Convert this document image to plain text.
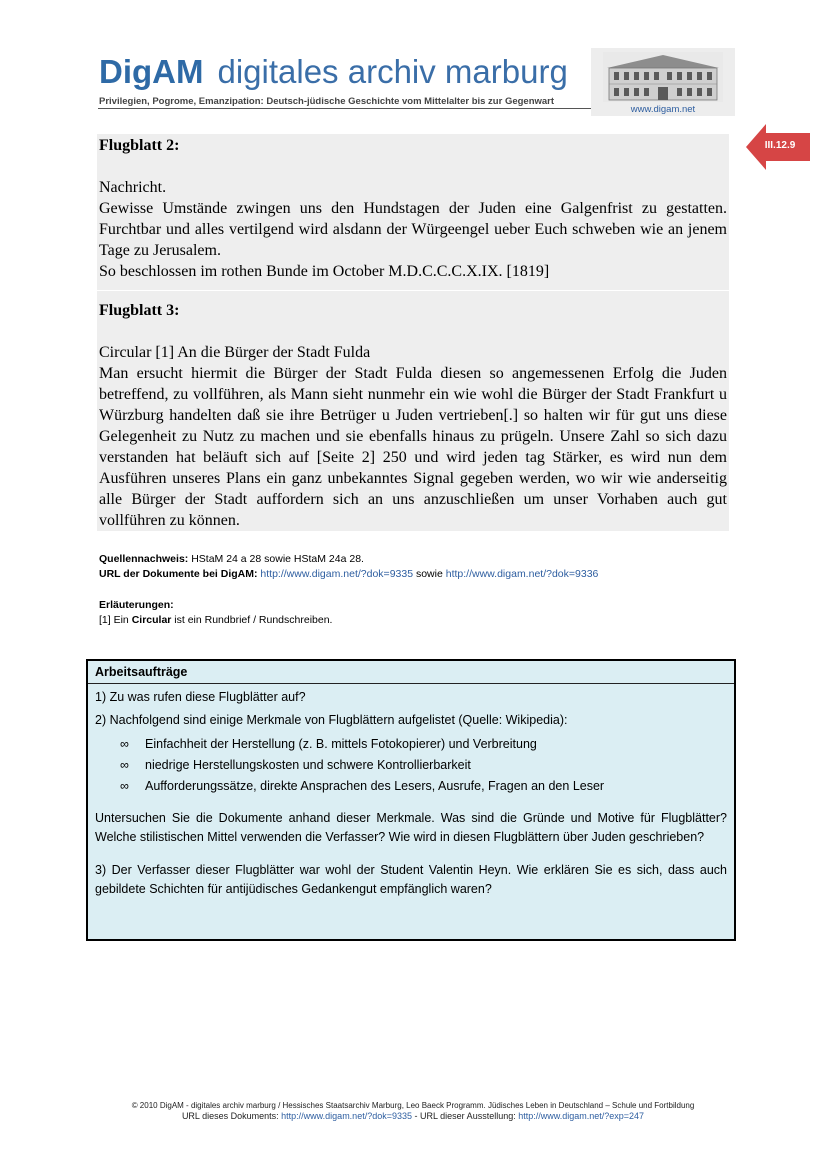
DigAM digitales archiv marburg
Privilegien, Pogrome, Emanzipation: Deutsch-jüdische Geschichte vom Mittelalter bis zur Gegenwart
www.digam.net
III.12.9
Flugblatt 2:
Nachricht.
Gewisse Umstände zwingen uns den Hundstagen der Juden eine Galgenfrist zu gestatten. Furchtbar und alles vertilgend wird alsdann der Würgeengel ueber Euch schweben wie an jenem Tage zu Jerusalem.
So beschlossen im rothen Bunde im October M.D.C.C.C.X.IX. [1819]
Flugblatt 3:
Circular [1] An die Bürger der Stadt Fulda
Man ersucht hiermit die Bürger der Stadt Fulda diesen so angemessenen Erfolg die Juden betreffend, zu vollführen, als Mann sieht nunmehr ein wie wohl die Bürger der Stadt Frankfurt u Würzburg handelten daß sie ihre Betrüger u Juden vertrieben[.] so halten wir für gut uns diese Gelegenheit zu Nutz zu machen und sie ebenfalls hinaus zu prügeln. Unsere Zahl so sich dazu verstanden hat beläuft sich auf [Seite 2] 250 und wird jeden tag Stärker, es wird nun dem Ausführen unseres Plans ein ganz unbekanntes Signal gegeben werden, wo wir wie anderseitig alle Bürger der Stadt auffordern sich an uns anzuschließen um unser Vorhaben auch gut vollführen zu können.
Quellennachweis: HStaM 24 a 28 sowie HStaM 24a 28.
URL der Dokumente bei DigAM: http://www.digam.net/?dok=9335 sowie http://www.digam.net/?dok=9336
Erläuterungen:
[1] Ein Circular ist ein Rundbrief / Rundschreiben.
Arbeitsaufträge

1) Zu was rufen diese Flugblätter auf?

2) Nachfolgend sind einige Merkmale von Flugblättern aufgelistet (Quelle: Wikipedia):

∞ Einfachheit der Herstellung (z. B. mittels Fotokopierer) und Verbreitung
∞ niedrige Herstellungskosten und schwere Kontrollierbarkeit
∞ Aufforderungssätze, direkte Ansprachen des Lesers, Ausrufe, Fragen an den Leser

Untersuchen Sie die Dokumente anhand dieser Merkmale. Was sind die Gründe und Motive für Flugblätter? Welche stilistischen Mittel verwenden die Verfasser? Wie wird in diesen Flugblättern über Juden geschrieben?

3) Der Verfasser dieser Flugblätter war wohl der Student Valentin Heyn. Wie erklären Sie es sich, dass auch gebildete Schichten für antijüdisches Gedankengut empfänglich waren?

© 2010 DigAM - digitales archiv marburg / Hessisches Staatsarchiv Marburg, Leo Baeck Programm. Jüdisches Leben in Deutschland – Schule und Fortbildung
URL dieses Dokuments: http://www.digam.net/?dok=9335 - URL dieser Ausstellung: http://www.digam.net/?exp=247
